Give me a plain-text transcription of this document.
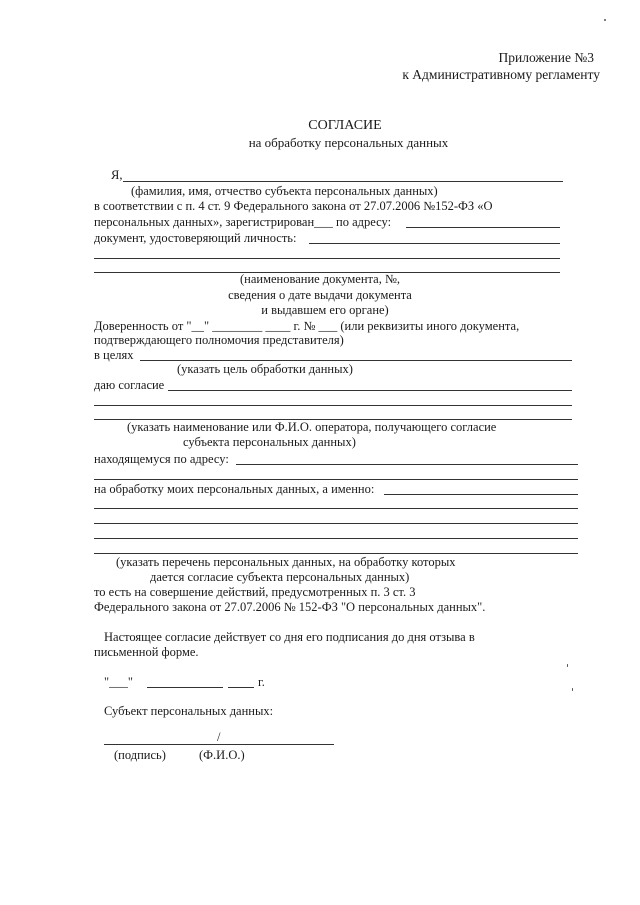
Приложение №3
к Административному регламенту
СОГЛАСИЕ
на обработку персональных данных
Я,
(фамилия, имя, отчество субъекта персональных данных)
в соответствии с п. 4 ст. 9 Федерального закона от 27.07.2006 №152-ФЗ «О
персональных данных», зарегистрирован___ по адресу:
документ, удостоверяющий личность:
(наименование документа, №,
сведения о дате выдачи документа
и выдавшем его органе)
Доверенность от "__" ________ ____ г. № ___ (или реквизиты иного документа,
подтверждающего полномочия представителя)
в целях
(указать цель обработки данных)
даю согласие
(указать наименование или Ф.И.О. оператора, получающего согласие
субъекта персональных данных)
находящемуся по адресу:
на обработку моих персональных данных, а именно:
(указать перечень персональных данных, на обработку которых
дается согласие субъекта персональных данных)
то есть на совершение действий, предусмотренных п. 3 ст. 3
Федерального закона от 27.07.2006 № 152-ФЗ "О персональных данных".
Настоящее согласие действует со дня его подписания до дня отзыва в
письменной форме.
"___"	г.
Субъект персональных данных:
/
(подпись)	(Ф.И.О.)
